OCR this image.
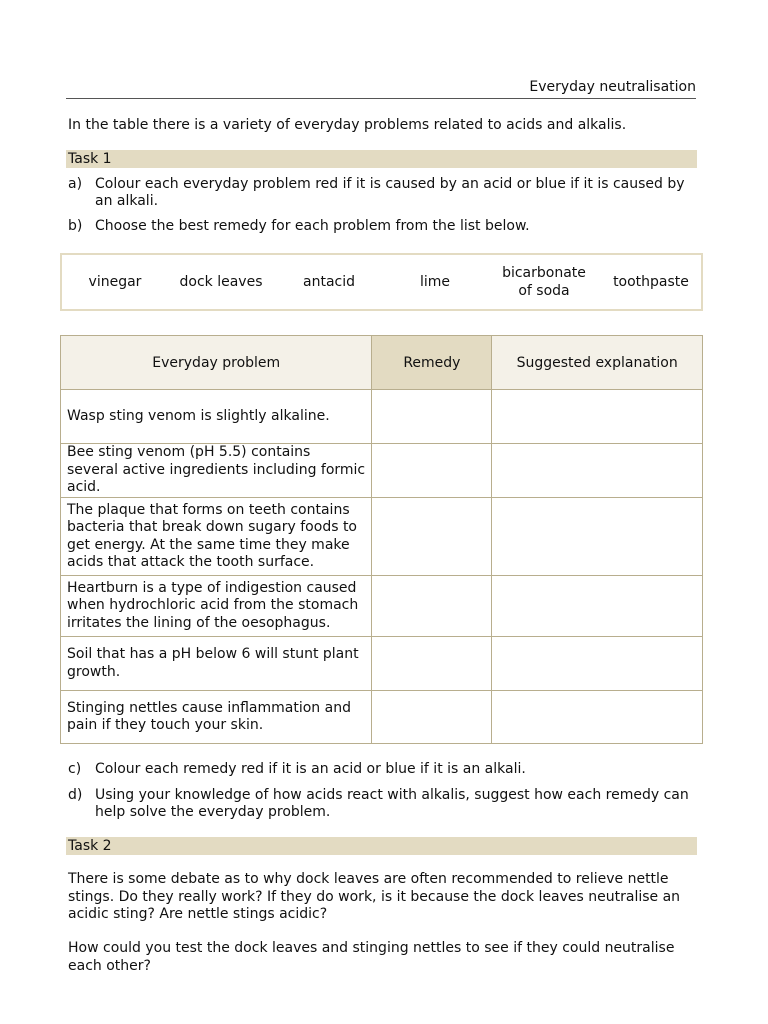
Everyday neutralisation
In the table there is a variety of everyday problems related to acids and alkalis.
Task 1
a) Colour each everyday problem red if it is caused by an acid or blue if it is caused by an alkali.
b) Choose the best remedy for each problem from the list below.
vinegar	dock leaves	antacid	lime
bicarbonate of soda
toothpaste
Everyday problem	Remedy	Suggested explanation
Wasp sting venom is slightly alkaline.		
Bee sting venom (pH 5.5) contains several active ingredients including formic acid.		
The plaque that forms on teeth contains bacteria that break down sugary foods to get energy. At the same time they make acids that attack the tooth surface.		
Heartburn is a type of indigestion caused when hydrochloric acid from the stomach irritates the lining of the oesophagus.		
Soil that has a pH below 6 will stunt plant growth.		
Stinging nettles cause inflammation and pain if they touch your skin.		
c) Colour each remedy red if it is an acid or blue if it is an alkali.
d) Using your knowledge of how acids react with alkalis, suggest how each remedy can help solve the everyday problem.
Task 2
There is some debate as to why dock leaves are often recommended to relieve nettle stings. Do they really work? If they do work, is it because the dock leaves neutralise an acidic sting? Are nettle stings acidic?
How could you test the dock leaves and stinging nettles to see if they could neutralise each other?
